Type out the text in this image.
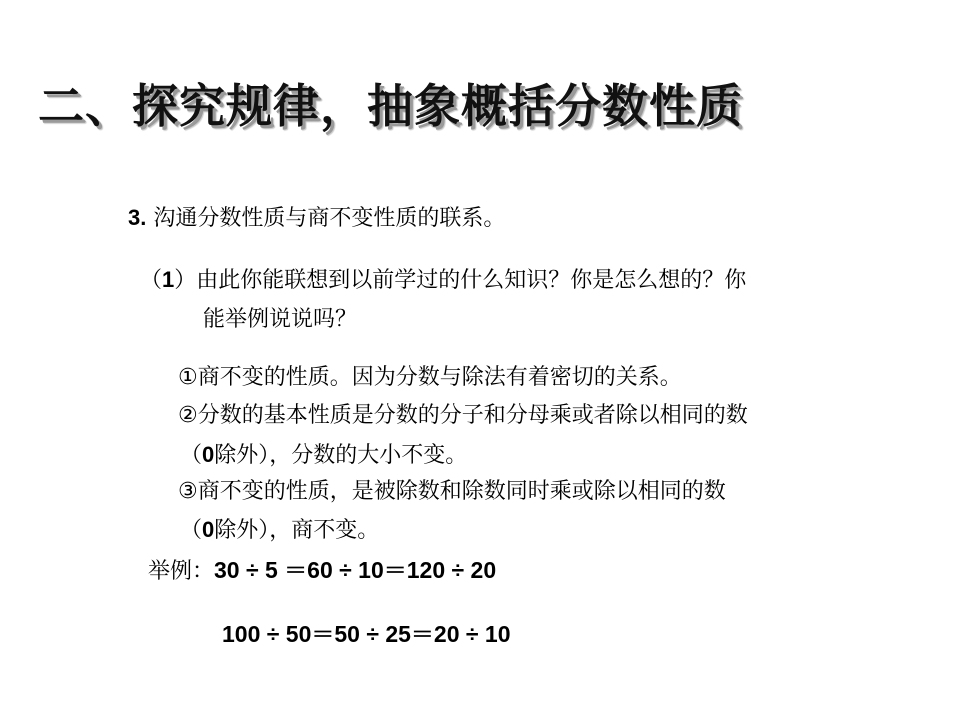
二、探究规律，抽象概括分数性质
3. 沟通分数性质与商不变性质的联系。
（1）由此你能联想到以前学过的什么知识？你是怎么想的？你
能举例说说吗？
①商不变的性质。因为分数与除法有着密切的关系。
②分数的基本性质是分数的分子和分母乘或者除以相同的数
（0除外），分数的大小不变。
③商不变的性质，是被除数和除数同时乘或除以相同的数
（0除外），商不变。
举例：30 ÷ 5 ＝60 ÷ 10＝120 ÷ 20
100 ÷ 50＝50 ÷ 25＝20 ÷ 10
